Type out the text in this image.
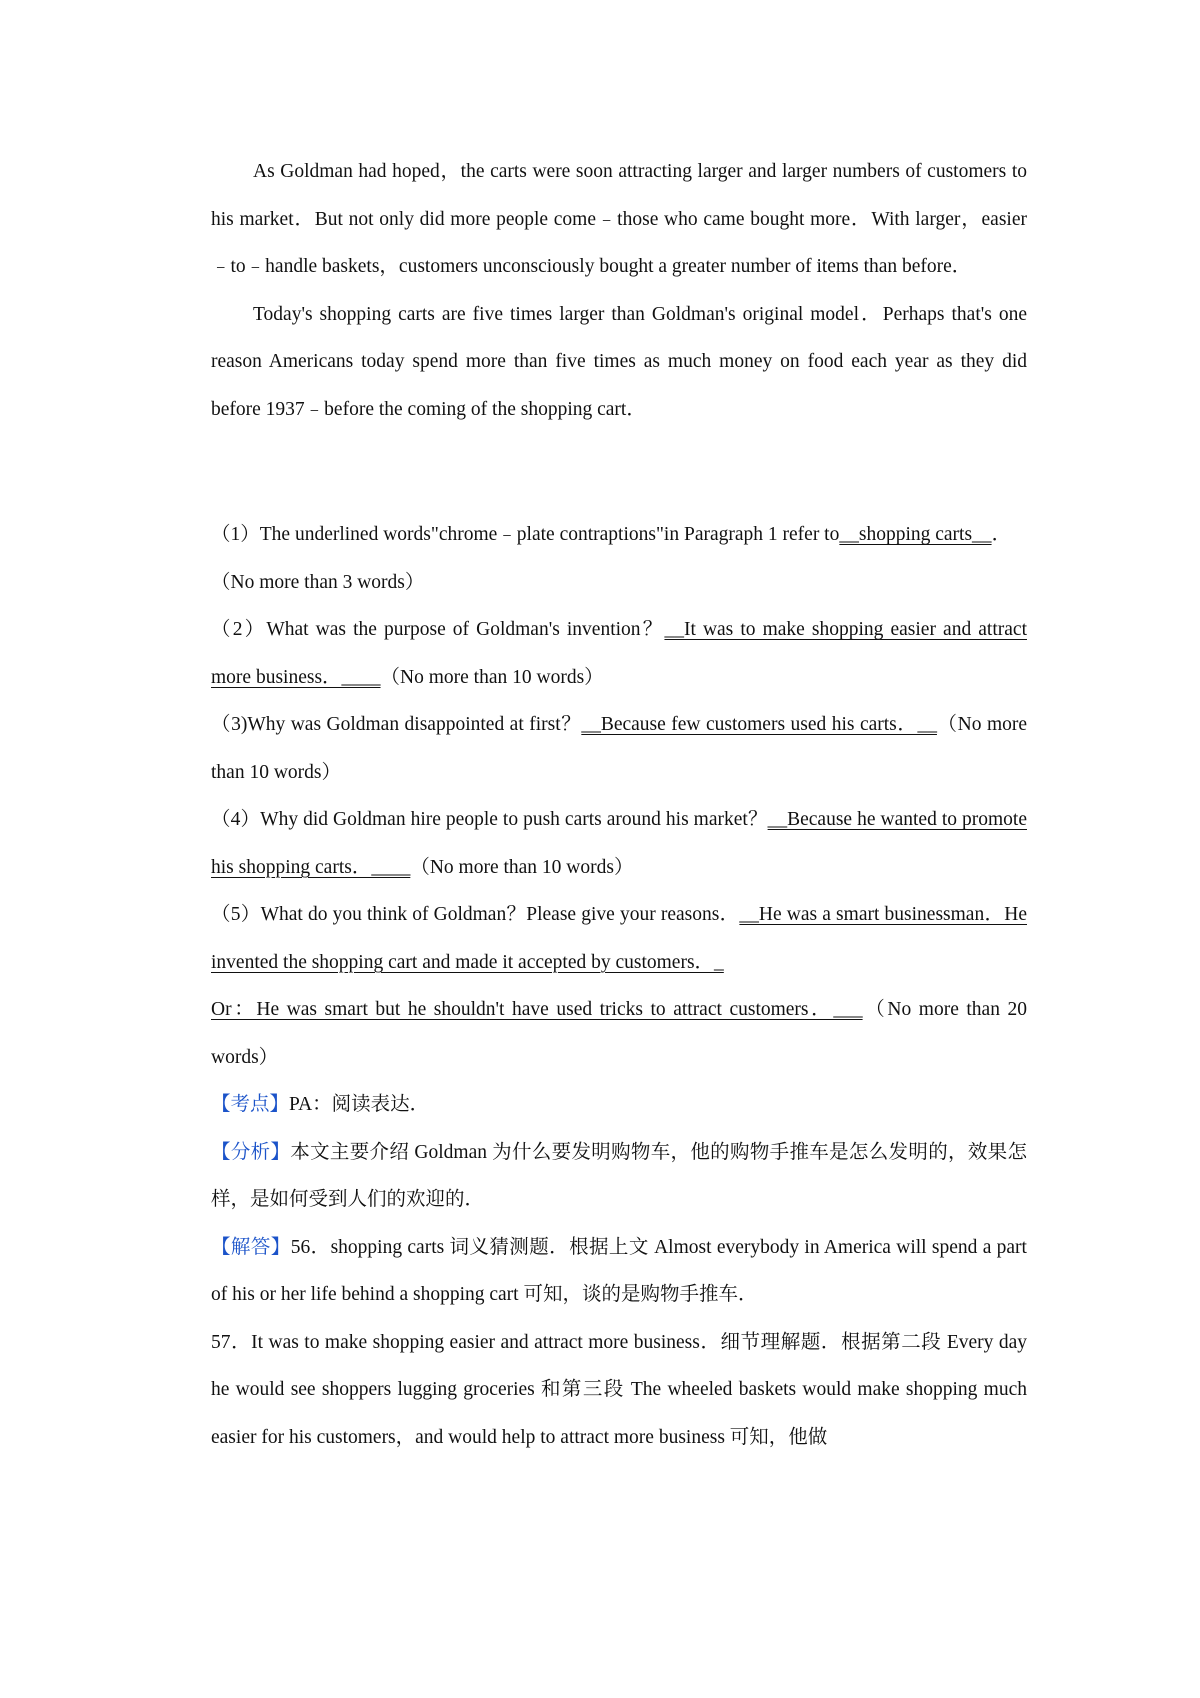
As Goldman had hoped，the carts were soon attracting larger and larger numbers of customers to his market．But not only did more people come﹣those who came bought more．With larger，easier﹣to﹣handle baskets，customers unconsciously bought a greater number of items than before．

Today's shopping carts are five times larger than Goldman's original model．Perhaps that's one reason Americans today spend more than five times as much money on food each year as they did before 1937﹣before the coming of the shopping cart．

（1）The underlined words"chrome﹣plate contraptions"in Paragraph 1 refer to__shopping carts__．

（No more than 3 words）

（2）What was the purpose of Goldman's invention？__It was to make shopping easier and attract more business．____（No more than 10 words）

（3)Why was Goldman disappointed at first？__Because few customers used his carts．__（No more than 10 words）

（4）Why did Goldman hire people to push carts around his market？__Because he wanted to promote his shopping carts．____（No more than 10 words）

（5）What do you think of Goldman？Please give your reasons．__He was a smart businessman．He invented the shopping cart and made it accepted by customers．_

Or：He was smart but he shouldn't have used tricks to attract customers．___（No more than 20 words）

【考点】PA：阅读表达．

【分析】本文主要介绍 Goldman 为什么要发明购物车，他的购物手推车是怎么发明的，效果怎样，是如何受到人们的欢迎的．

【解答】56．shopping carts 词义猜测题．根据上文 Almost everybody in America will spend a part of his or her life behind a shopping cart 可知，谈的是购物手推车．

57．It was to make shopping easier and attract more business．细节理解题．根据第二段 Every day he would see shoppers lugging groceries 和第三段 The wheeled baskets would make shopping much easier for his customers，and would help to attract more business 可知，他做
